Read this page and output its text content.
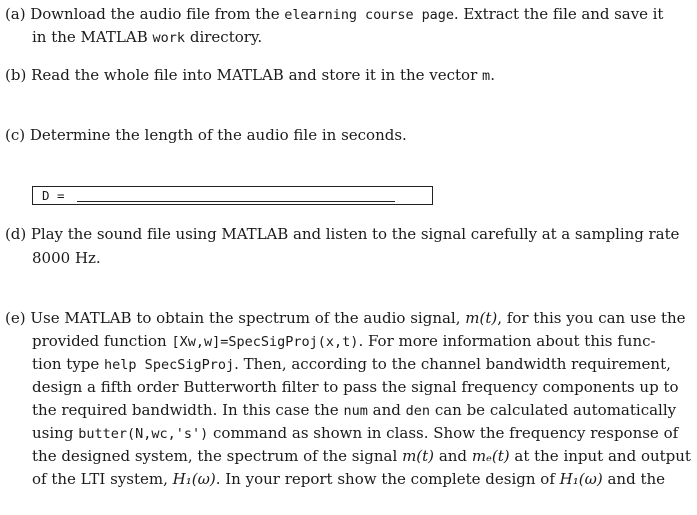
(a) Download the audio file from the elearning course page. Extract the file and save it
in the MATLAB work directory.
(b) Read the whole file into MATLAB and store it in the vector m.
(c) Determine the length of the audio file in seconds.
D =
(d) Play the sound file using MATLAB and listen to the signal carefully at a sampling rate
8000 Hz.
(e) Use MATLAB to obtain the spectrum of the audio signal, m(t), for this you can use the
provided function [Xw,w]=SpecSigProj(x,t). For more information about this func-
tion type help SpecSigProj. Then, according to the channel bandwidth requirement,
design a fifth order Butterworth filter to pass the signal frequency components up to
the required bandwidth. In this case the num and den can be calculated automatically
using butter(N,wc,'s') command as shown in class. Show the frequency response of
the designed system, the spectrum of the signal m(t) and mₑ(t) at the input and output
of the LTI system, H₁(ω). In your report show the complete design of H₁(ω) and the
